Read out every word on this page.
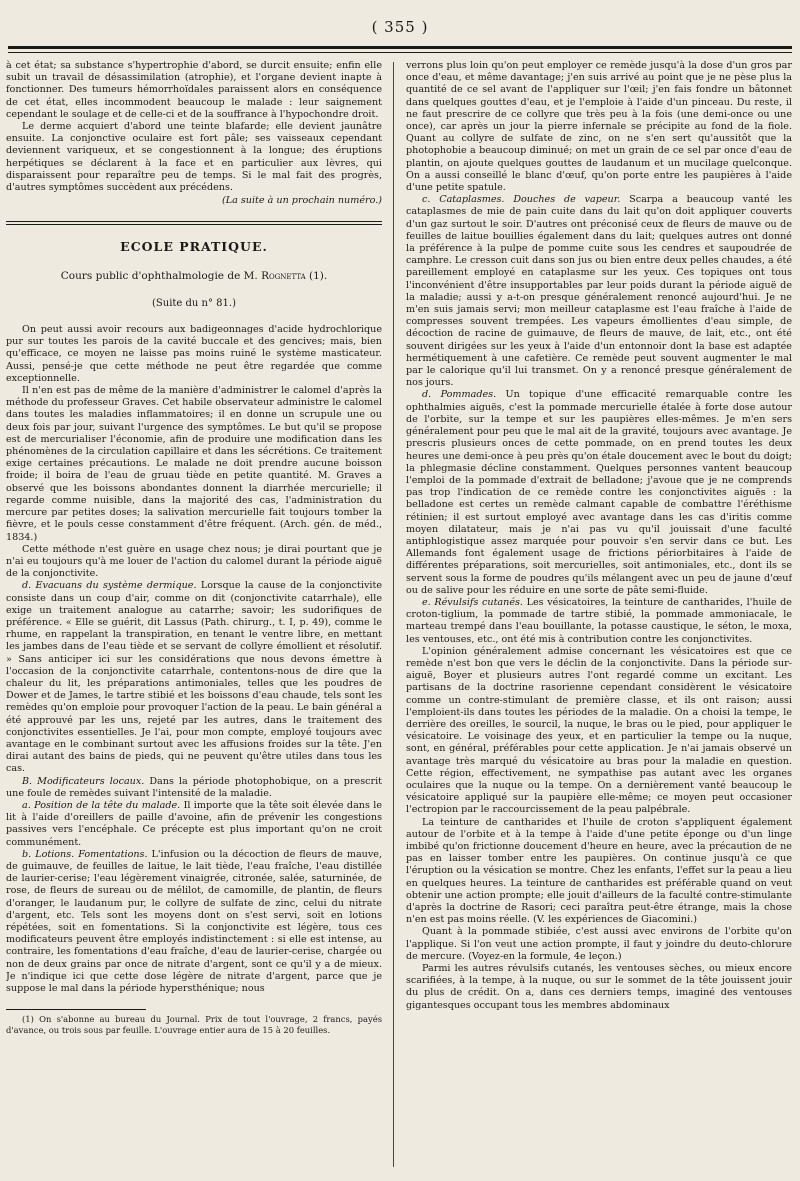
( 355 )

à cet état; sa substance s'hypertrophie d'abord, se durcit ensuite; enfin elle subit un travail de désassimilation (atrophie), et l'organe devient inapte à fonctionner. Des tumeurs hémorrhoïdales paraissent alors en conséquence de cet état, elles incommodent beaucoup le malade : leur saignement cependant le soulage et de celle-ci et de la souffrance à l'hypochondre droit.

Le derme acquiert d'abord une teinte blafarde; elle devient jaunâtre ensuite. La conjonctive oculaire est fort pâle; ses vaisseaux cependant deviennent variqueux, et se congestionnent à la longue; des éruptions herpétiques se déclarent à la face et en particulier aux lèvres, qui disparaissent pour reparaître peu de temps. Si le mal fait des progrès, d'autres symptômes succèdent aux précédens.

(La suite à un prochain numéro.)

ECOLE PRATIQUE.
Cours public d'ophthalmologie de M. Rognetta (1).
(Suite du n° 81.)

On peut aussi avoir recours aux badigeonnages d'acide hydrochlorique pur sur toutes les parois de la cavité buccale et des gencives; mais, bien qu'efficace, ce moyen ne laisse pas moins ruiné le système masticateur. Aussi, pensé-je que cette méthode ne peut être regardée que comme exceptionnelle.

Il n'en est pas de même de la manière d'administrer le calomel d'après la méthode du professeur Graves. Cet habile observateur administre le calomel dans toutes les maladies inflammatoires; il en donne un scrupule une ou deux fois par jour, suivant l'urgence des symptômes. Le but qu'il se propose est de mercurialiser l'économie, afin de produire une modification dans les phénomènes de la circulation capillaire et dans les sécrétions. Ce traitement exige certaines précautions. Le malade ne doit prendre aucune boisson froide; il boira de l'eau de gruau tiède en petite quantité. M. Graves a observé que les boissons abondantes donnent la diarrhée mercurielle; il regarde comme nuisible, dans la majorité des cas, l'administration du mercure par petites doses; la salivation mercurielle fait toujours tomber la fièvre, et le pouls cesse constamment d'être fréquent. (Arch. gén. de méd., 1834.)

Cette méthode n'est guère en usage chez nous; je dirai pourtant que je n'ai eu toujours qu'à me louer de l'action du calomel durant la période aiguë de la conjonctivite.

d. Evacuans du système dermique. Lorsque la cause de la conjonctivite consiste dans un coup d'air, comme on dit (conjonctivite catarrhale), elle exige un traitement analogue au catarrhe; savoir; les sudorifiques de préférence. « Elle se guérit, dit Lassus (Path. chirurg., t. I, p. 49), comme le rhume, en rappelant la transpiration, en tenant le ventre libre, en mettant les jambes dans de l'eau tiède et se servant de collyre émollient et résolutif. » Sans anticiper ici sur les considérations que nous devons émettre à l'occasion de la conjonctivite catarrhale, contentons-nous de dire que la chaleur du lit, les préparations antimoniales, telles que les poudres de Dower et de James, le tartre stibié et les boissons d'eau chaude, tels sont les remèdes qu'on emploie pour provoquer l'action de la peau. Le bain général a été approuvé par les uns, rejeté par les autres, dans le traitement des conjonctivites essentielles. Je l'ai, pour mon compte, employé toujours avec avantage en le combinant surtout avec les affusions froides sur la tête. J'en dirai autant des bains de pieds, qui ne peuvent qu'être utiles dans tous les cas.

B. Modificateurs locaux. Dans la période photophobique, on a prescrit une foule de remèdes suivant l'intensité de la maladie.

a. Position de la tête du malade. Il importe que la tête soit élevée dans le lit à l'aide d'oreillers de paille d'avoine, afin de prévenir les congestions passives vers l'encéphale. Ce précepte est plus important qu'on ne croit communément.

b. Lotions. Fomentations. L'infusion ou la décoction de fleurs de mauve, de guimauve, de feuilles de laitue, le lait tiède, l'eau fraîche, l'eau distillée de laurier-cerise; l'eau légèrement vinaigrée, citronée, salée, saturninée, de rose, de fleurs de sureau ou de mélilot, de camomille, de plantin, de fleurs d'oranger, le laudanum pur, le collyre de sulfate de zinc, celui du nitrate d'argent, etc. Tels sont les moyens dont on s'est servi, soit en lotions répétées, soit en fomentations. Si la conjonctivite est légère, tous ces modificateurs peuvent être employés indistinctement : si elle est intense, au contraire, les fomentations d'eau fraîche, d'eau de laurier-cerise, chargée ou non de deux grains par once de nitrate d'argent, sont ce qu'il y a de mieux. Je n'indique ici que cette dose légère de nitrate d'argent, parce que je suppose le mal dans la période hypersthénique; nous

(1) On s'abonne au bureau du Journal. Prix de tout l'ouvrage, 2 francs, payés d'avance, ou trois sous par feuille. L'ouvrage entier aura de 15 à 20 feuilles.

verrons plus loin qu'on peut employer ce remède jusqu'à la dose d'un gros par once d'eau, et même davantage; j'en suis arrivé au point que je ne pèse plus la quantité de ce sel avant de l'appliquer sur l'œil; j'en fais fondre un bâtonnet dans quelques gouttes d'eau, et je l'emploie à l'aide d'un pinceau. Du reste, il ne faut prescrire de ce collyre que très peu à la fois (une demi-once ou une once), car après un jour la pierre infernale se précipite au fond de la fiole. Quant au collyre de sulfate de zinc, on ne s'en sert qu'aussitôt que la photophobie a beaucoup diminué; on met un grain de ce sel par once d'eau de plantin, on ajoute quelques gouttes de laudanum et un mucilage quelconque. On a aussi conseillé le blanc d'œuf, qu'on porte entre les paupières à l'aide d'une petite spatule.

c. Cataplasmes. Douches de vapeur. Scarpa a beaucoup vanté les cataplasmes de mie de pain cuite dans du lait qu'on doit appliquer couverts d'un gaz surtout le soir. D'autres ont préconisé ceux de fleurs de mauve ou de feuilles de laitue bouillies également dans du lait; quelques autres ont donné la préférence à la pulpe de pomme cuite sous les cendres et saupoudrée de camphre. Le cresson cuit dans son jus ou bien entre deux pelles chaudes, a été pareillement employé en cataplasme sur les yeux. Ces topiques ont tous l'inconvénient d'être insupportables par leur poids durant la période aiguë de la maladie; aussi y a-t-on presque généralement renoncé aujourd'hui. Je ne m'en suis jamais servi; mon meilleur cataplasme est l'eau fraîche à l'aide de compresses souvent trempées. Les vapeurs émollientes d'eau simple, de décoction de racine de guimauve, de fleurs de mauve, de lait, etc., ont été souvent dirigées sur les yeux à l'aide d'un entonnoir dont la base est adaptée hermétiquement à une cafetière. Ce remède peut souvent augmenter le mal par le calorique qu'il lui transmet. On y a renoncé presque généralement de nos jours.

d. Pommades. Un topique d'une efficacité remarquable contre les ophthalmies aiguës, c'est la pommade mercurielle étalée à forte dose autour de l'orbite, sur la tempe et sur les paupières elles-mêmes. Je m'en sers généralement pour peu que le mal ait de la gravité, toujours avec avantage. Je prescris plusieurs onces de cette pommade, on en prend toutes les deux heures une demi-once à peu près qu'on étale doucement avec le bout du doigt; la phlegmasie décline constamment. Quelques personnes vantent beaucoup l'emploi de la pommade d'extrait de belladone; j'avoue que je ne comprends pas trop l'indication de ce remède contre les conjonctivites aiguës : la belladone est certes un remède calmant capable de combattre l'éréthisme rétinien; il est surtout employé avec avantage dans les cas d'iritis comme moyen dilatateur, mais je n'ai pas vu qu'il jouissait d'une faculté antiphlogistique assez marquée pour pouvoir s'en servir dans ce but. Les Allemands font également usage de frictions périorbitaires à l'aide de différentes préparations, soit mercurielles, soit antimoniales, etc., dont ils se servent sous la forme de poudres qu'ils mélangent avec un peu de jaune d'œuf ou de salive pour les réduire en une sorte de pâte semi-fluide.

e. Révulsifs cutanés. Les vésicatoires, la teinture de cantharides, l'huile de croton-tiglium, la pommade de tartre stibié, la pommade ammoniacale, le marteau trempé dans l'eau bouillante, la potasse caustique, le séton, le moxa, les ventouses, etc., ont été mis à contribution contre les conjonctivites.

L'opinion généralement admise concernant les vésicatoires est que ce remède n'est bon que vers le déclin de la conjonctivite. Dans la période sur-aiguë, Boyer et plusieurs autres l'ont regardé comme un excitant. Les partisans de la doctrine rasorienne cependant considèrent le vésicatoire comme un contre-stimulant de première classe, et ils ont raison; aussi l'emploient-ils dans toutes les périodes de la maladie. On a choisi la tempe, le derrière des oreilles, le sourcil, la nuque, le bras ou le pied, pour appliquer le vésicatoire. Le voisinage des yeux, et en particulier la tempe ou la nuque, sont, en général, préférables pour cette application. Je n'ai jamais observé un avantage très marqué du vésicatoire au bras pour la maladie en question. Cette région, effectivement, ne sympathise pas autant avec les organes oculaires que la nuque ou la tempe. On a dernièrement vanté beaucoup le vésicatoire appliqué sur la paupière elle-même; ce moyen peut occasioner l'ectropion par le raccourcissement de la peau palpébrale.

La teinture de cantharides et l'huile de croton s'appliquent également autour de l'orbite et à la tempe à l'aide d'une petite éponge ou d'un linge imbibé qu'on frictionne doucement d'heure en heure, avec la précaution de ne pas en laisser tomber entre les paupières. On continue jusqu'à ce que l'éruption ou la vésication se montre. Chez les enfants, l'effet sur la peau a lieu en quelques heures. La teinture de cantharides est préférable quand on veut obtenir une action prompte; elle jouit d'ailleurs de la faculté contre-stimulante d'après la doctrine de Rasori; ceci paraîtra peut-être étrange, mais la chose n'en est pas moins réelle. (V. les expériences de Giacomini.)

Quant à la pommade stibiée, c'est aussi avec environs de l'orbite qu'on l'applique. Si l'on veut une action prompte, il faut y joindre du deuto-chlorure de mercure. (Voyez-en la formule, 4e leçon.)

Parmi les autres révulsifs cutanés, les ventouses sèches, ou mieux encore scarifiées, à la tempe, à la nuque, ou sur le sommet de la tête jouissent jouir du plus de crédit. On a, dans ces derniers temps, imaginé des ventouses gigantesques occupant tous les membres abdominaux
